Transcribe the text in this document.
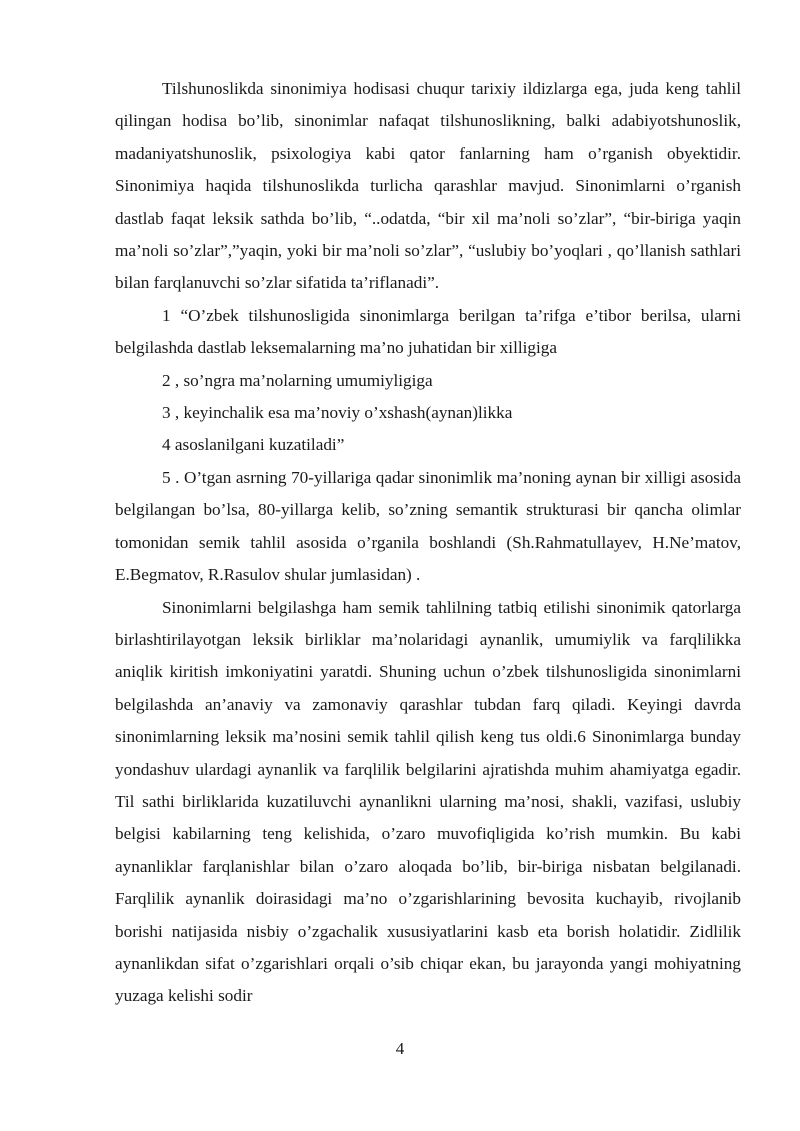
Tilshunoslikda sinonimiya hodisasi chuqur tarixiy ildizlarga ega, juda keng tahlil qilingan hodisa bo’lib, sinonimlar nafaqat tilshunoslikning, balki adabiyotshunoslik, madaniyatshunoslik, psixologiya kabi qator fanlarning ham o’rganish obyektidir. Sinonimiya haqida tilshunoslikda turlicha qarashlar mavjud. Sinonimlarni o’rganish dastlab faqat leksik sathda bo’lib, “..odatda, “bir xil ma’noli so’zlar”, “bir-biriga yaqin ma’noli so’zlar”,”yaqin, yoki bir ma’noli so’zlar”, “uslubiy bo’yoqlari , qo’llanish sathlari bilan farqlanuvchi so’zlar sifatida ta’riflanadi”.

1 “O’zbek tilshunosligida sinonimlarga berilgan ta’rifga e’tibor berilsa, ularni belgilashda dastlab leksemalarning ma’no juhatidan bir xilligiga

2 , so’ngra ma’nolarning umumiyligiga

3 , keyinchalik esa ma’noviy o’xshash(aynan)likka

4 asoslanilgani kuzatiladi”

5 . O’tgan asrning 70-yillariga qadar sinonimlik ma’noning aynan bir xilligi asosida belgilangan bo’lsa, 80-yillarga kelib, so’zning semantik strukturasi bir qancha olimlar tomonidan semik tahlil asosida o’rganila boshlandi (Sh.Rahmatullayev, H.Ne’matov, E.Begmatov, R.Rasulov shular jumlasidan) .

Sinonimlarni belgilashga ham semik tahlilning tatbiq etilishi sinonimik qatorlarga birlashtirilayotgan leksik birliklar ma’nolaridagi aynanlik, umumiylik va farqlilikka aniqlik kiritish imkoniyatini yaratdi. Shuning uchun o’zbek tilshunosligida sinonimlarni belgilashda an’anaviy va zamonaviy qarashlar tubdan farq qiladi. Keyingi davrda sinonimlarning leksik ma’nosini semik tahlil qilish keng tus oldi.6 Sinonimlarga bunday yondashuv ulardagi aynanlik va farqlilik belgilarini ajratishda muhim ahamiyatga egadir. Til sathi birliklarida kuzatiluvchi aynanlikni ularning ma’nosi, shakli, vazifasi, uslubiy belgisi kabilarning teng kelishida, o’zaro muvofiqligida ko’rish mumkin. Bu kabi aynanliklar farqlanishlar bilan o’zaro aloqada bo’lib, bir-biriga nisbatan belgilanadi. Farqlilik aynanlik doirasidagi ma’no o’zgarishlarining bevosita kuchayib, rivojlanib borishi natijasida nisbiy o’zgachalik xususiyatlarini kasb eta borish holatidir. Zidlilik aynanlikdan sifat o’zgarishlari orqali o’sib chiqar ekan, bu jarayonda yangi mohiyatning yuzaga kelishi sodir

4
